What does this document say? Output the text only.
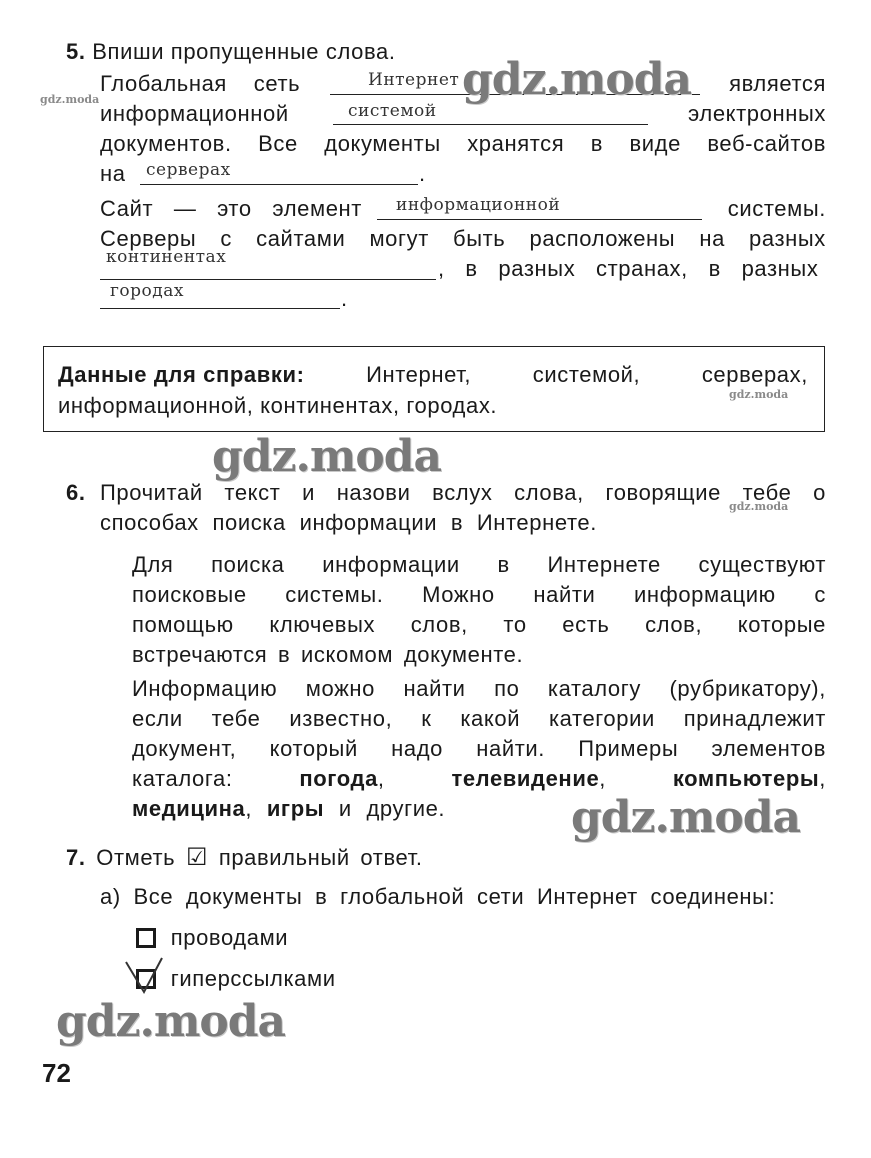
5. Впиши пропущенные слова.
Глобальная сеть	Интернет	является
информационной	системой	электронных
документов. Все документы хранятся в виде веб-сайтов
на серверах	.
Сайт — это элемент информационной	системы.
Серверы с сайтами могут быть расположены на разных
континентах	, в разных странах, в разных
городах	.
Данные для справки:	Интернет,	системой,	серверах,
информационной, континентах, городах.
6. Прочитай текст и назови вслух слова, говорящие тебе о
способах поиска информации в Интернете.
Для поиска информации в Интернете существуют
поисковые системы. Можно найти информацию с
помощью ключевых слов, то есть слов, которые
встречаются в искомом документе.
Информацию можно найти по каталогу (рубрикатору),
если тебе известно, к какой категории принадлежит
документ, который надо найти. Примеры элементов
каталога:	погода,	телевидение,	компьютеры,
медицина, игры и другие.
7. Отметь ☑ правильный ответ.
а) Все документы в глобальной сети Интернет соединены:
проводами
гиперссылками
72
gdz.moda
gdz.moda
gdz.moda
gdz.moda
gdz.moda
gdz.moda
gdz.moda
